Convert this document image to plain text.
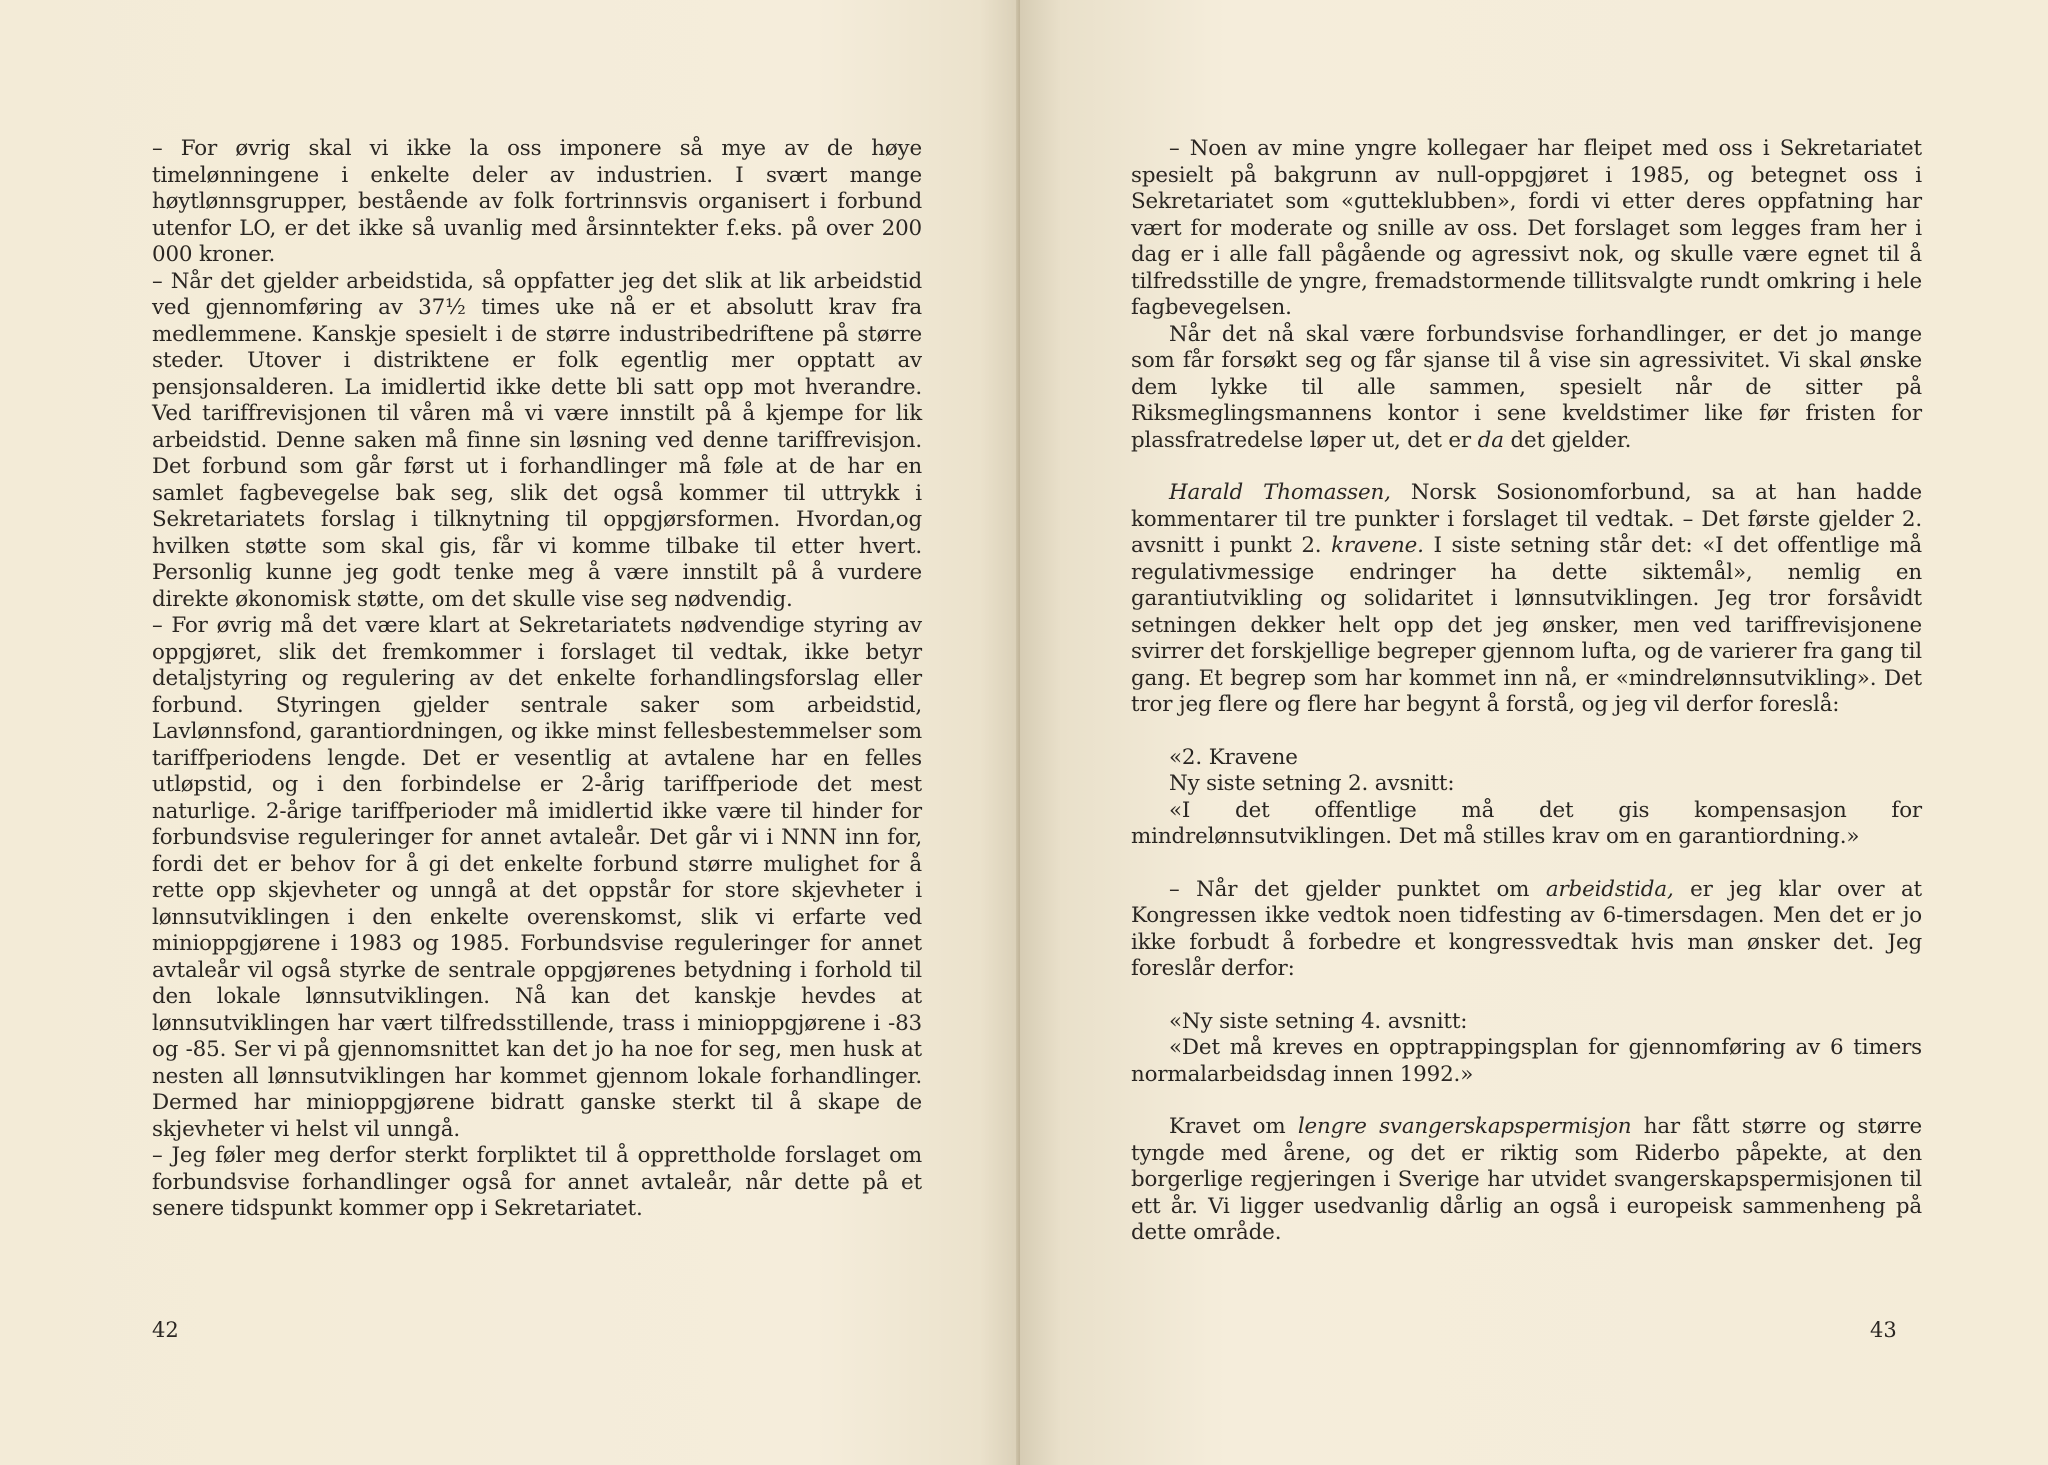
– For øvrig skal vi ikke la oss imponere så mye av de høye timelønningene i enkelte deler av industrien. I svært mange høytlønnsgrupper, bestående av folk fortrinnsvis organisert i forbund utenfor LO, er det ikke så uvanlig med årsinntekter f.eks. på over 200 000 kroner.

– Når det gjelder arbeidstida, så oppfatter jeg det slik at lik arbeidstid ved gjennomføring av 37½ times uke nå er et absolutt krav fra medlemmene. Kanskje spesielt i de større industribedriftene på større steder. Utover i distriktene er folk egentlig mer opptatt av pensjonsalderen. La imidlertid ikke dette bli satt opp mot hverandre. Ved tariffrevisjonen til våren må vi være innstilt på å kjempe for lik arbeidstid. Denne saken må finne sin løsning ved denne tariffrevisjon. Det forbund som går først ut i forhandlinger må føle at de har en samlet fagbevegelse bak seg, slik det også kommer til uttrykk i Sekretariatets forslag i tilknytning til oppgjørsformen. Hvordan,og hvilken støtte som skal gis, får vi komme tilbake til etter hvert. Personlig kunne jeg godt tenke meg å være innstilt på å vurdere direkte økonomisk støtte, om det skulle vise seg nødvendig.

– For øvrig må det være klart at Sekretariatets nødvendige styring av oppgjøret, slik det fremkommer i forslaget til vedtak, ikke betyr detaljstyring og regulering av det enkelte forhandlingsforslag eller forbund. Styringen gjelder sentrale saker som arbeidstid, Lavlønnsfond, garantiordningen, og ikke minst fellesbestemmelser som tariffperiodens lengde. Det er vesentlig at avtalene har en felles utløpstid, og i den forbindelse er 2-årig tariffperiode det mest naturlige. 2-årige tariffperioder må imidlertid ikke være til hinder for forbundsvise reguleringer for annet avtaleår. Det går vi i NNN inn for, fordi det er behov for å gi det enkelte forbund større mulighet for å rette opp skjevheter og unngå at det oppstår for store skjevheter i lønnsutviklingen i den enkelte overenskomst, slik vi erfarte ved minioppgjørene i 1983 og 1985. Forbundsvise reguleringer for annet avtaleår vil også styrke de sentrale oppgjørenes betydning i forhold til den lokale lønnsutviklingen. Nå kan det kanskje hevdes at lønnsutviklingen har vært tilfredsstillende, trass i minioppgjørene i -83 og -85. Ser vi på gjennomsnittet kan det jo ha noe for seg, men husk at nesten all lønnsutviklingen har kommet gjennom lokale forhandlinger. Dermed har minioppgjørene bidratt ganske sterkt til å skape de skjevheter vi helst vil unngå.

– Jeg føler meg derfor sterkt forpliktet til å opprettholde forslaget om forbundsvise forhandlinger også for annet avtaleår, når dette på et senere tidspunkt kommer opp i Sekretariatet.

42

– Noen av mine yngre kollegaer har fleipet med oss i Sekretariatet spesielt på bakgrunn av null-oppgjøret i 1985, og betegnet oss i Sekretariatet som «gutteklubben», fordi vi etter deres oppfatning har vært for moderate og snille av oss. Det forslaget som legges fram her i dag er i alle fall pågående og agressivt nok, og skulle være egnet til å tilfredsstille de yngre, fremadstormende tillitsvalgte rundt omkring i hele fagbevegelsen.

Når det nå skal være forbundsvise forhandlinger, er det jo mange som får forsøkt seg og får sjanse til å vise sin agressivitet. Vi skal ønske dem lykke til alle sammen, spesielt når de sitter på Riksmeglingsmannens kontor i sene kveldstimer like før fristen for plassfratredelse løper ut, det er da det gjelder.

Harald Thomassen, Norsk Sosionomforbund, sa at han hadde kommentarer til tre punkter i forslaget til vedtak. – Det første gjelder 2. avsnitt i punkt 2. kravene. I siste setning står det: «I det offentlige må regulativmessige endringer ha dette siktemål», nemlig en garantiutvikling og solidaritet i lønnsutviklingen. Jeg tror forsåvidt setningen dekker helt opp det jeg ønsker, men ved tariffrevisjonene svirrer det forskjellige begreper gjennom lufta, og de varierer fra gang til gang. Et begrep som har kommet inn nå, er «mindrelønnsutvikling». Det tror jeg flere og flere har begynt å forstå, og jeg vil derfor foreslå:

«2. Kravene

Ny siste setning 2. avsnitt:

«I det offentlige må det gis kompensasjon for mindrelønnsutviklingen. Det må stilles krav om en garantiordning.»

– Når det gjelder punktet om arbeidstida, er jeg klar over at Kongressen ikke vedtok noen tidfesting av 6-timersdagen. Men det er jo ikke forbudt å forbedre et kongressvedtak hvis man ønsker det. Jeg foreslår derfor:

«Ny siste setning 4. avsnitt:

«Det må kreves en opptrappingsplan for gjennomføring av 6 timers normalarbeidsdag innen 1992.»

Kravet om lengre svangerskapspermisjon har fått større og større tyngde med årene, og det er riktig som Riderbo påpekte, at den borgerlige regjeringen i Sverige har utvidet svangerskapspermisjonen til ett år. Vi ligger usedvanlig dårlig an også i europeisk sammenheng på dette område.

43
